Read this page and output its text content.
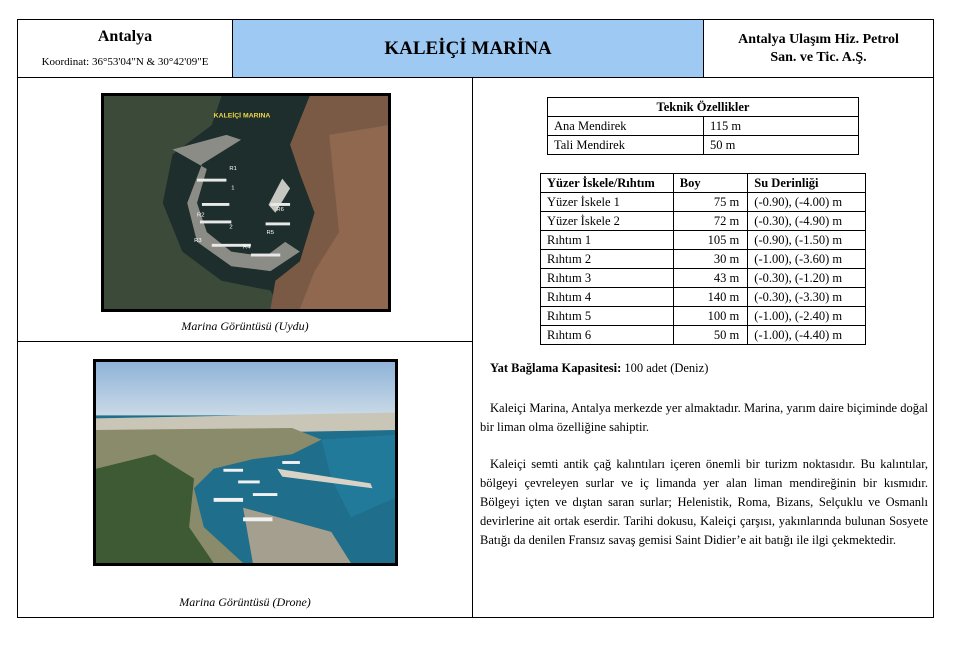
Antalya
Koordinat: 36°53'04"N & 30°42'09"E
KALEİÇİ MARİNA	Antalya Ulaşım Hiz. Petrol
San. ve Tic. A.Ş.
KALEİÇİ MARINA
R1
1
R2
2
R3
R4
R5
R6
Marina Görüntüsü (Uydu)
Marina Görüntüsü (Drone)
Teknik Özellikler	
Ana Mendirek	115 m
Tali Mendirek	50 m
Yüzer İskele/Rıhtım	Boy	Su Derinliği
Yüzer İskele 1	75 m	(-0.90), (-4.00) m
Yüzer İskele 2	72 m	(-0.30), (-4.90) m
Rıhtım 1	105 m	(-0.90), (-1.50) m
Rıhtım 2	30 m	(-1.00), (-3.60) m
Rıhtım 3	43 m	(-0.30), (-1.20) m
Rıhtım 4	140 m	(-0.30), (-3.30) m
Rıhtım 5	100 m	(-1.00), (-2.40) m
Rıhtım 6	50 m	(-1.00), (-4.40) m
Yat Bağlama Kapasitesi: 100 adet (Deniz)

Kaleiçi Marina, Antalya merkezde yer almaktadır. Marina, yarım daire biçiminde doğal bir liman olma özelliğine sahiptir.

Kaleiçi semti antik çağ kalıntıları içeren önemli bir turizm noktasıdır. Bu kalıntılar, bölgeyi çevreleyen surlar ve iç limanda yer alan liman mendireğinin bir kısmıdır. Bölgeyi içten ve dıştan saran surlar; Helenistik, Roma, Bizans, Selçuklu ve Osmanlı devirlerine ait ortak eserdir. Tarihi dokusu, Kaleiçi çarşısı, yakınlarında bulunan Sosyete Batığı da denilen Fransız savaş gemisi Saint Didier’e ait batığı ile ilgi çekmektedir.
